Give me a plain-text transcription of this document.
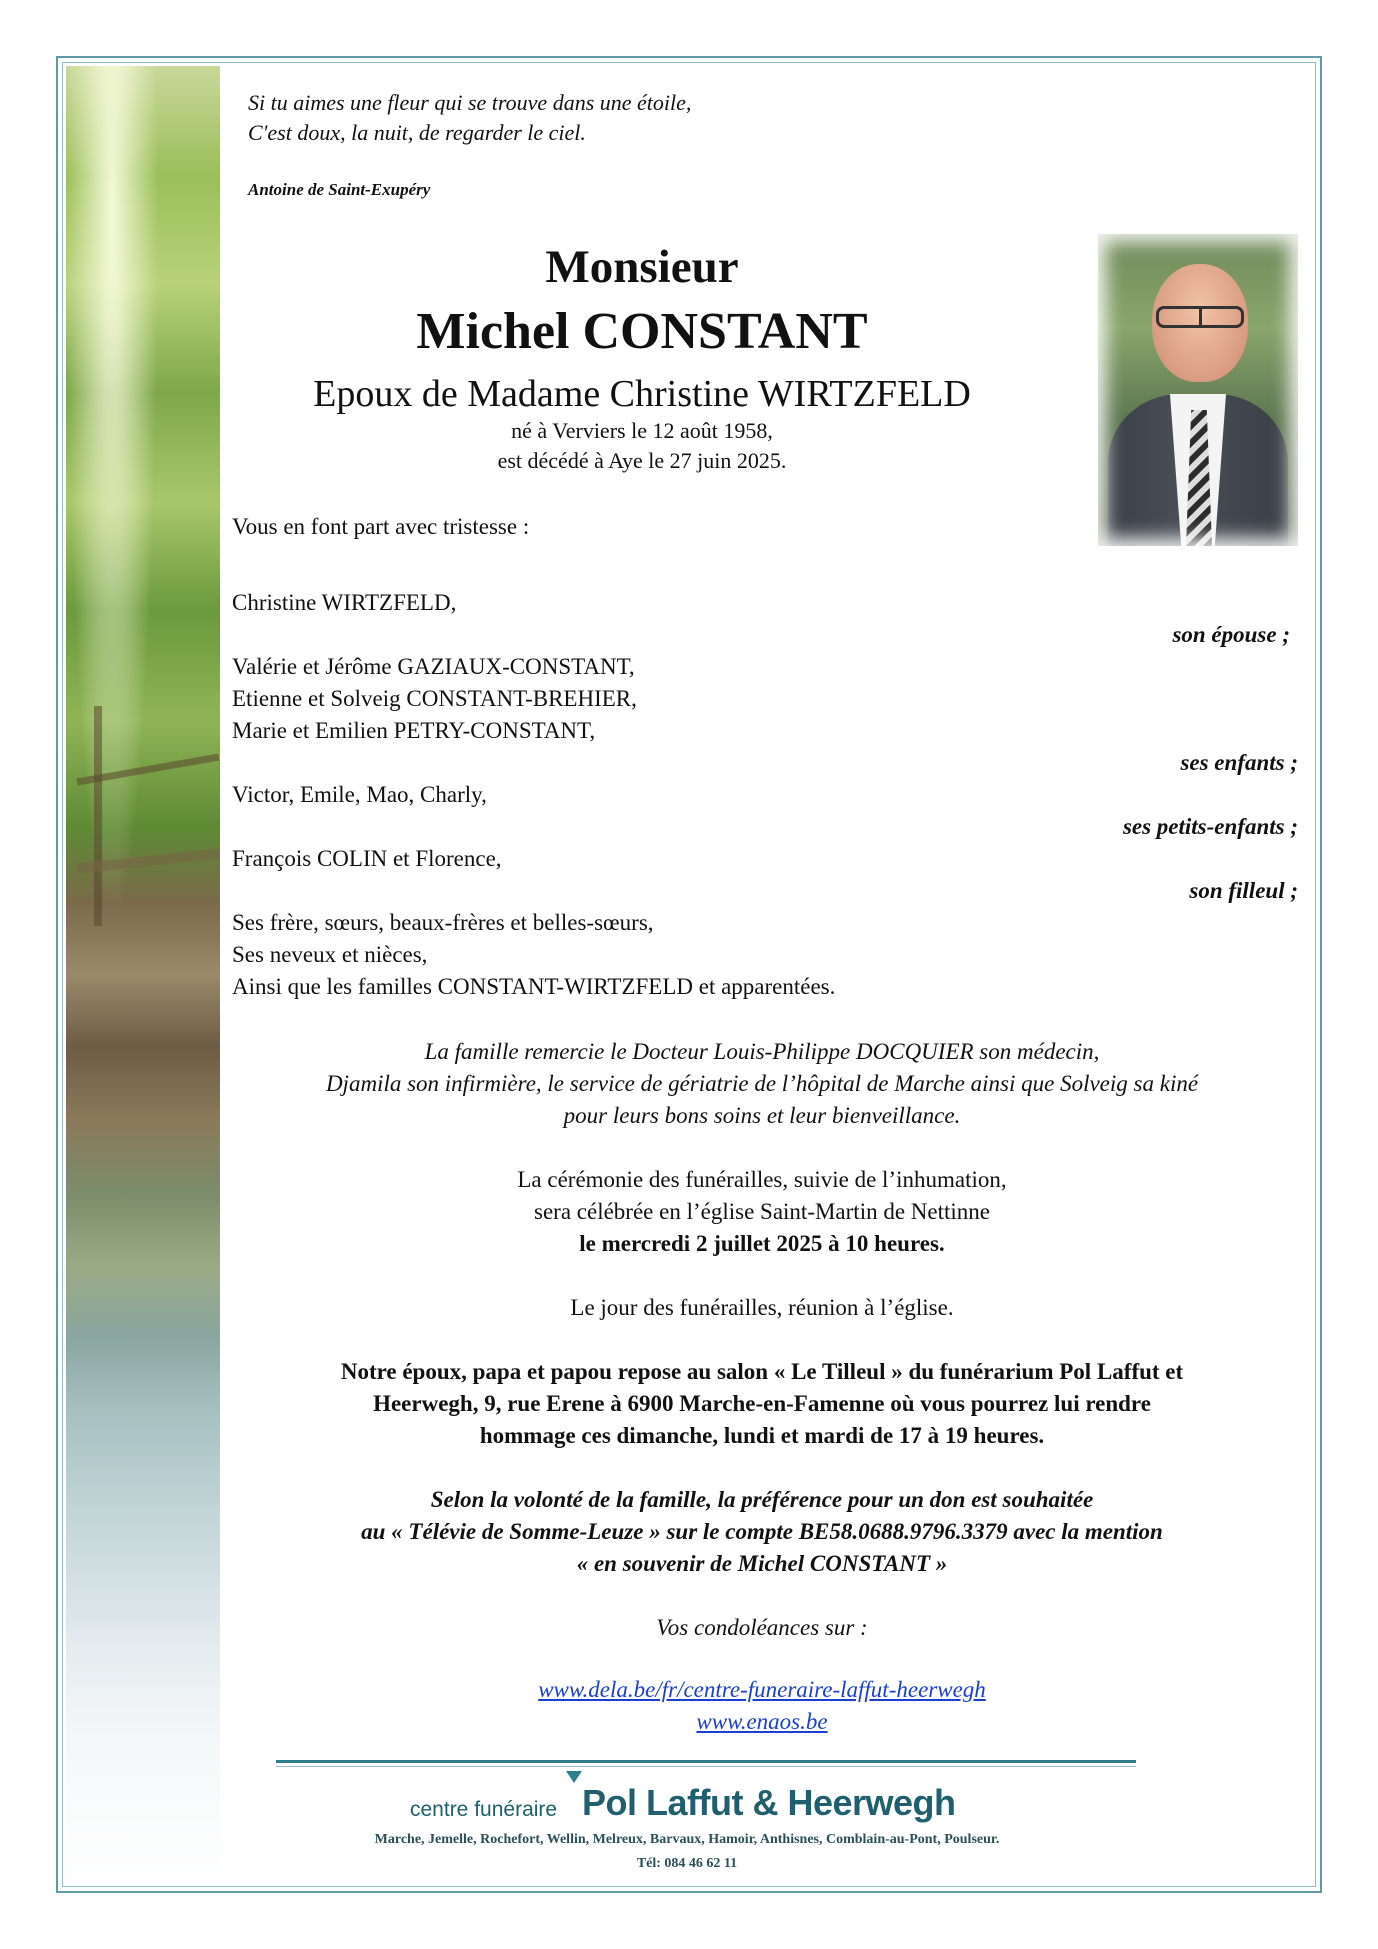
Si tu aimes une fleur qui se trouve dans une étoile,
C'est doux, la nuit, de regarder le ciel.
Antoine de Saint-Exupéry
Monsieur
Michel CONSTANT
Epoux de Madame Christine WIRTZFELD
né à Verviers le 12 août 1958,
est décédé à Aye le 27 juin 2025.
Vous en font part avec tristesse :
Christine WIRTZFELD,
son épouse ;
Valérie et Jérôme GAZIAUX-CONSTANT,
Etienne et Solveig CONSTANT-BREHIER,
Marie et Emilien PETRY-CONSTANT,
ses enfants ;
Victor, Emile, Mao, Charly,
ses petits-enfants ;
François COLIN et Florence,
son filleul ;
Ses frère, sœurs, beaux-frères et belles-sœurs,
Ses neveux et nièces,
Ainsi que les familles CONSTANT-WIRTZFELD et apparentées.
La famille remercie le Docteur Louis-Philippe DOCQUIER son médecin,
Djamila son infirmière, le service de gériatrie de l’hôpital de Marche ainsi que Solveig sa kiné
pour leurs bons soins et leur bienveillance.
La cérémonie des funérailles, suivie de l’inhumation,
sera célébrée en l’église Saint-Martin de Nettinne
le mercredi 2 juillet 2025 à 10 heures.
Le jour des funérailles, réunion à l’église.
Notre époux, papa et papou repose au salon « Le Tilleul » du funérarium Pol Laffut et
Heerwegh, 9, rue Erene à 6900 Marche-en-Famenne où vous pourrez lui rendre
hommage ces dimanche, lundi et mardi de 17 à 19 heures.
Selon la volonté de la famille, la préférence pour un don est souhaitée
au « Télévie de Somme-Leuze » sur le compte BE58.0688.9796.3379 avec la mention
« en souvenir de Michel CONSTANT »
Vos condoléances sur :
www.dela.be/fr/centre-funeraire-laffut-heerwegh
www.enaos.be
centre funéraire Pol Laffut & Heerwegh
Marche, Jemelle, Rochefort, Wellin, Melreux, Barvaux, Hamoir, Anthisnes, Comblain-au-Pont, Poulseur.
Tél: 084 46 62 11
